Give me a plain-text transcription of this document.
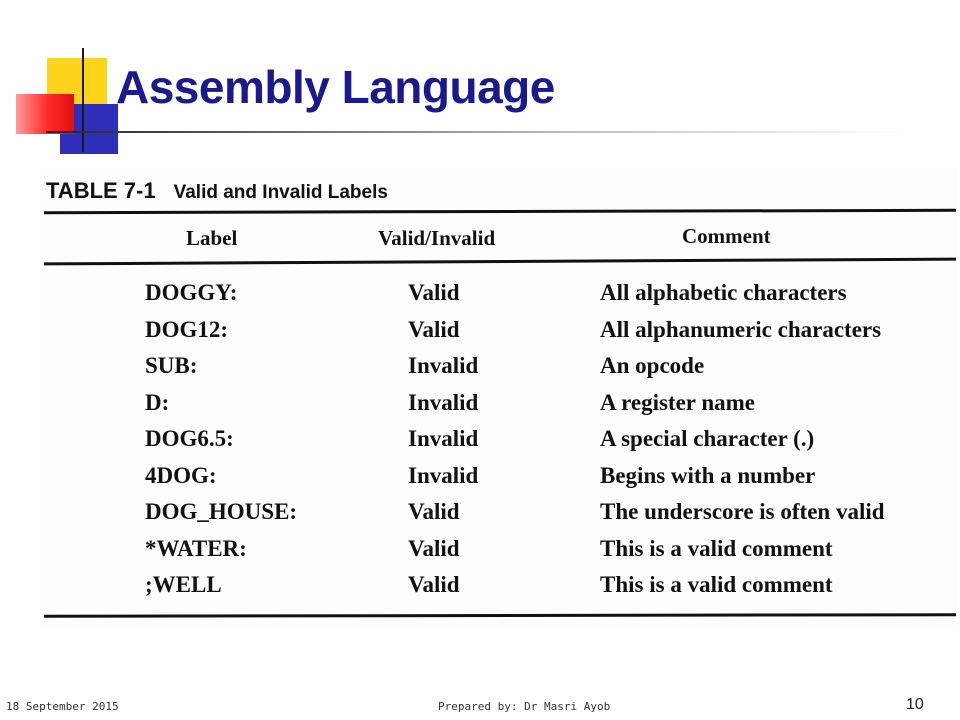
Assembly Language
TABLE 7-1 Valid and Invalid Labels
Label	Valid/Invalid	Comment
DOGGY:	Valid	All alphabetic characters
DOG12:	Valid	All alphanumeric characters
SUB:	Invalid	An opcode
D:	Invalid	A register name
DOG6.5:	Invalid	A special character (.)
4DOG:	Invalid	Begins with a number
DOG_HOUSE:	Valid	The underscore is often valid
*WATER:	Valid	This is a valid comment
;WELL	Valid	This is a valid comment
18 September 2015	Prepared by: Dr Masri Ayob	10
